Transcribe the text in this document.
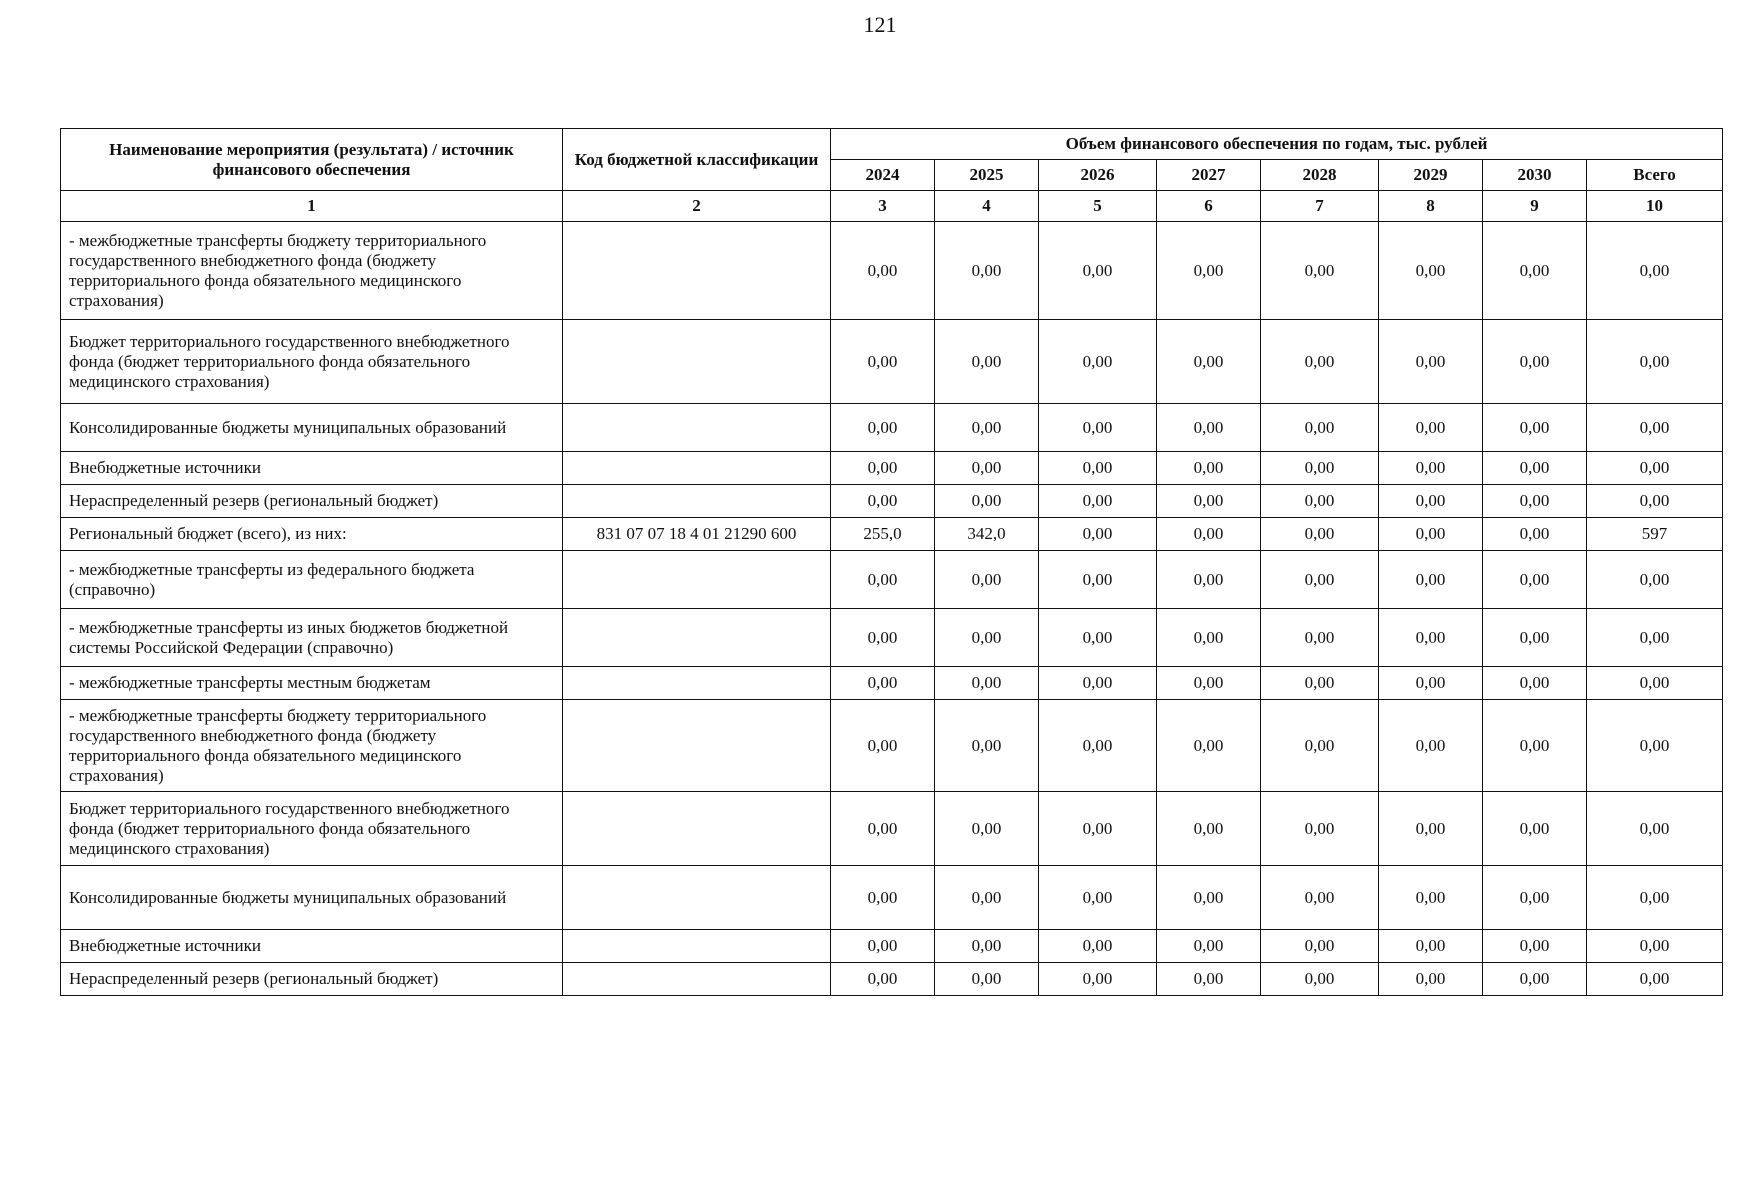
121
Наименование мероприятия (результата) / источник финансового обеспечения	Код бюджетной классификации	Объем финансового обеспечения по годам, тыс. рублей							
		2024	2025	2026	2027	2028	2029	2030	Всего
1	2	3	4	5	6	7	8	9	10
- межбюджетные трансферты бюджету территориального государственного внебюджетного фонда (бюджету территориального фонда обязательного медицинского страхования)		0,00	0,00	0,00	0,00	0,00	0,00	0,00	0,00
Бюджет территориального государственного внебюджетного фонда (бюджет территориального фонда обязательного медицинского страхования)		0,00	0,00	0,00	0,00	0,00	0,00	0,00	0,00
Консолидированные бюджеты муниципальных образований		0,00	0,00	0,00	0,00	0,00	0,00	0,00	0,00
Внебюджетные источники		0,00	0,00	0,00	0,00	0,00	0,00	0,00	0,00
Нераспределенный резерв (региональный бюджет)		0,00	0,00	0,00	0,00	0,00	0,00	0,00	0,00
Региональный бюджет (всего), из них:	831 07 07 18 4 01 21290 600	255,0	342,0	0,00	0,00	0,00	0,00	0,00	597
- межбюджетные трансферты из федерального бюджета (справочно)		0,00	0,00	0,00	0,00	0,00	0,00	0,00	0,00
- межбюджетные трансферты из иных бюджетов бюджетной системы Российской Федерации (справочно)		0,00	0,00	0,00	0,00	0,00	0,00	0,00	0,00
- межбюджетные трансферты местным бюджетам		0,00	0,00	0,00	0,00	0,00	0,00	0,00	0,00
- межбюджетные трансферты бюджету территориального государственного внебюджетного фонда (бюджету территориального фонда обязательного медицинского страхования)		0,00	0,00	0,00	0,00	0,00	0,00	0,00	0,00
Бюджет территориального государственного внебюджетного фонда (бюджет территориального фонда обязательного медицинского страхования)		0,00	0,00	0,00	0,00	0,00	0,00	0,00	0,00
Консолидированные бюджеты муниципальных образований		0,00	0,00	0,00	0,00	0,00	0,00	0,00	0,00
Внебюджетные источники		0,00	0,00	0,00	0,00	0,00	0,00	0,00	0,00
Нераспределенный резерв (региональный бюджет)		0,00	0,00	0,00	0,00	0,00	0,00	0,00	0,00
